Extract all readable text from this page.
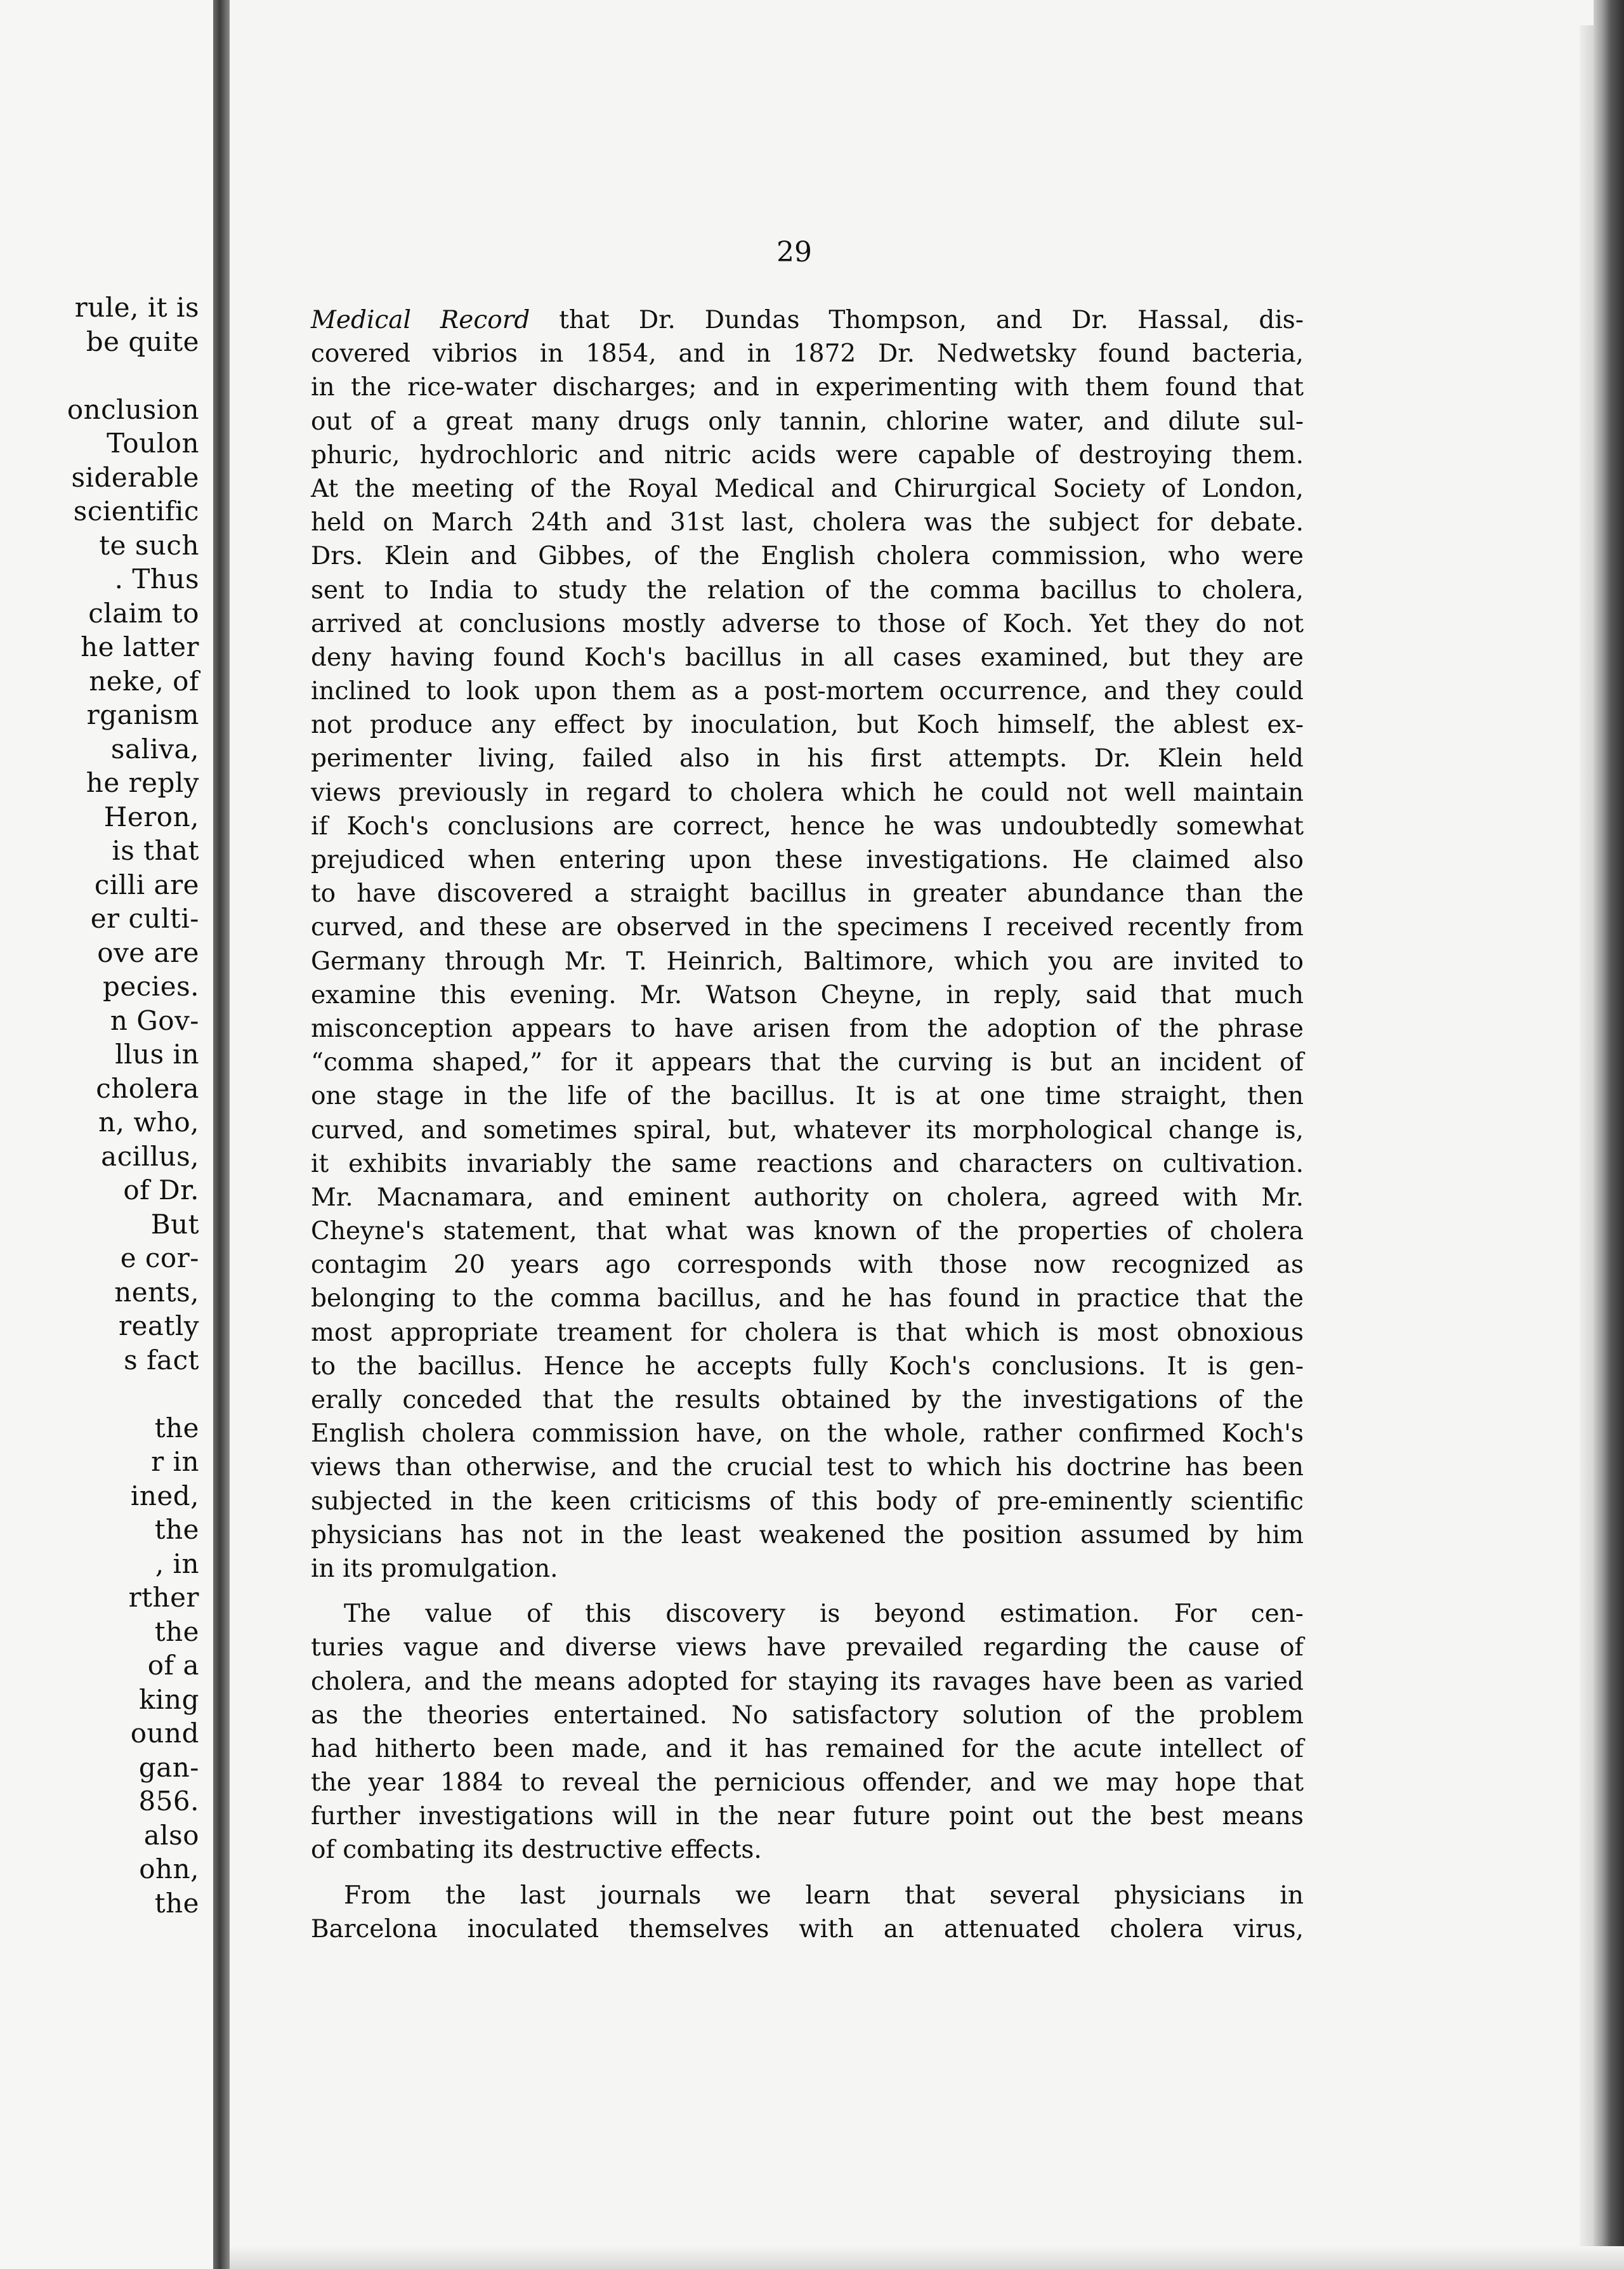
rule, it is
be quite
onclusion
Toulon
siderable
scientific
te such
. Thus
claim to
he latter
neke, of
rganism
saliva,
he reply
Heron,
is that
cilli are
er culti-
ove are
pecies.
n Gov-
llus in
cholera
n, who,
acillus,
of Dr.
But
e cor-
nents,
reatly
s fact
the
r in
ined,
the
, in
rther
the
of a
king
ound
gan-
856.
also
ohn,
the
29
Medical Record that Dr. Dundas Thompson, and Dr. Hassal, dis-
covered vibrios in 1854, and in 1872 Dr. Nedwetsky found bacteria,
in the rice-water discharges; and in experimenting with them found that
out of a great many drugs only tannin, chlorine water, and dilute sul-
phuric, hydrochloric and nitric acids were capable of destroying them.
At the meeting of the Royal Medical and Chirurgical Society of London,
held on March 24th and 31st last, cholera was the subject for debate.
Drs. Klein and Gibbes, of the English cholera commission, who were
sent to India to study the relation of the comma bacillus to cholera,
arrived at conclusions mostly adverse to those of Koch. Yet they do not
deny having found Koch's bacillus in all cases examined, but they are
inclined to look upon them as a post-mortem occurrence, and they could
not produce any effect by inoculation, but Koch himself, the ablest ex-
perimenter living, failed also in his first attempts. Dr. Klein held
views previously in regard to cholera which he could not well maintain
if Koch's conclusions are correct, hence he was undoubtedly somewhat
prejudiced when entering upon these investigations. He claimed also
to have discovered a straight bacillus in greater abundance than the
curved, and these are observed in the specimens I received recently from
Germany through Mr. T. Heinrich, Baltimore, which you are invited to
examine this evening. Mr. Watson Cheyne, in reply, said that much
misconception appears to have arisen from the adoption of the phrase
“comma shaped,” for it appears that the curving is but an incident of
one stage in the life of the bacillus. It is at one time straight, then
curved, and sometimes spiral, but, whatever its morphological change is,
it exhibits invariably the same reactions and characters on cultivation.
Mr. Macnamara, and eminent authority on cholera, agreed with Mr.
Cheyne's statement, that what was known of the properties of cholera
contagim 20 years ago corresponds with those now recognized as
belonging to the comma bacillus, and he has found in practice that the
most appropriate treament for cholera is that which is most obnoxious
to the bacillus. Hence he accepts fully Koch's conclusions. It is gen-
erally conceded that the results obtained by the investigations of the
English cholera commission have, on the whole, rather confirmed Koch's
views than otherwise, and the crucial test to which his doctrine has been
subjected in the keen criticisms of this body of pre-eminently scientific
physicians has not in the least weakened the position assumed by him
in its promulgation.
The value of this discovery is beyond estimation. For cen-
turies vague and diverse views have prevailed regarding the cause of
cholera, and the means adopted for staying its ravages have been as varied
as the theories entertained. No satisfactory solution of the problem
had hitherto been made, and it has remained for the acute intellect of
the year 1884 to reveal the pernicious offender, and we may hope that
further investigations will in the near future point out the best means
of combating its destructive effects.
From the last journals we learn that several physicians in
Barcelona inoculated themselves with an attenuated cholera virus,
